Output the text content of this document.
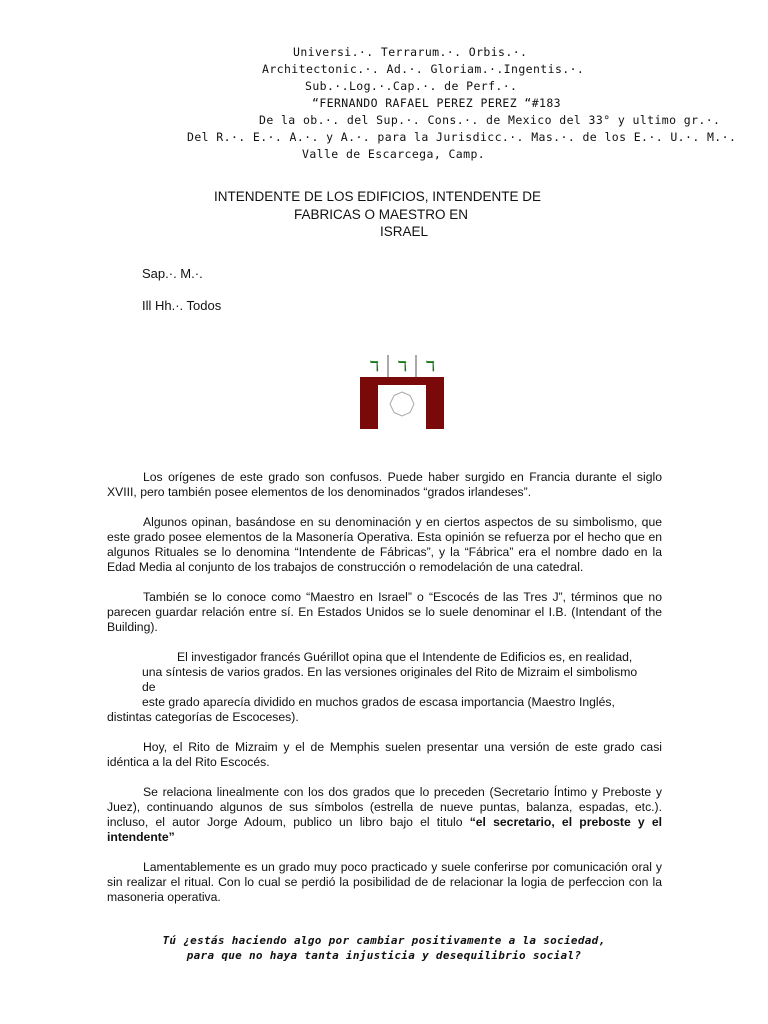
Universi.·. Terrarum.·. Orbis.·.
Architectonic.·. Ad.·. Gloriam.·.Ingentis.·.
Sub.·.Log.·.Cap.·. de Perf.·.
“FERNANDO RAFAEL PEREZ PEREZ “#183
De la ob.·. del Sup.·. Cons.·. de Mexico del 33° y ultimo gr.·.
Del R.·. E.·. A.·. y A.·. para la Jurisdicc.·. Mas.·. de los E.·. U.·. M.·.
Valle de Escarcega, Camp.
INTENDENTE DE LOS EDIFICIOS, INTENDENTE DE
FABRICAS O MAESTRO EN
ISRAEL
Sap.·. M.·.
Ill Hh.·. Todos
ℸ ℸ ℸ

Los orígenes de este grado son confusos. Puede haber surgido en Francia durante el siglo XVIII, pero también posee elementos de los denominados “grados irlandeses”.

Algunos opinan, basándose en su denominación y en ciertos aspectos de su simbolismo, que este grado posee elementos de la Masonería Operativa. Esta opinión se refuerza por el hecho que en algunos Rituales se lo denomina “Intendente de Fábricas”, y la “Fábrica” era el nombre dado en la Edad Media al conjunto de los trabajos de construcción o remodelación de una catedral.

También se lo conoce como “Maestro en Israel” o “Escocés de las Tres J”, términos que no parecen guardar relación entre sí. En Estados Unidos se lo suele denominar el I.B. (Intendant of the Building).

El investigador francés Guérillot opina que el Intendente de Edificios es, en realidad,
una síntesis de varios grados. En las versiones originales del Rito de Mizraim el simbolismo
de
este grado aparecía dividido en muchos grados de escasa importancia (Maestro Inglés,
distintas categorías de Escoceses).

Hoy, el Rito de Mizraim y el de Memphis suelen presentar una versión de este grado casi idéntica a la del Rito Escocés.

Se relaciona linealmente con los dos grados que lo preceden (Secretario Íntimo y Preboste y Juez), continuando algunos de sus símbolos (estrella de nueve puntas, balanza, espadas, etc.). incluso, el autor Jorge Adoum, publico un libro bajo el titulo “el secretario, el preboste y el intendente”

Lamentablemente es un grado muy poco practicado y suele conferirse por comunicación oral y sin realizar el ritual. Con lo cual se perdió la posibilidad de de relacionar la logia de perfeccion con la masoneria operativa.

Tú ¿estás haciendo algo por cambiar positivamente a la sociedad,
para que no haya tanta injusticia y desequilibrio social?
